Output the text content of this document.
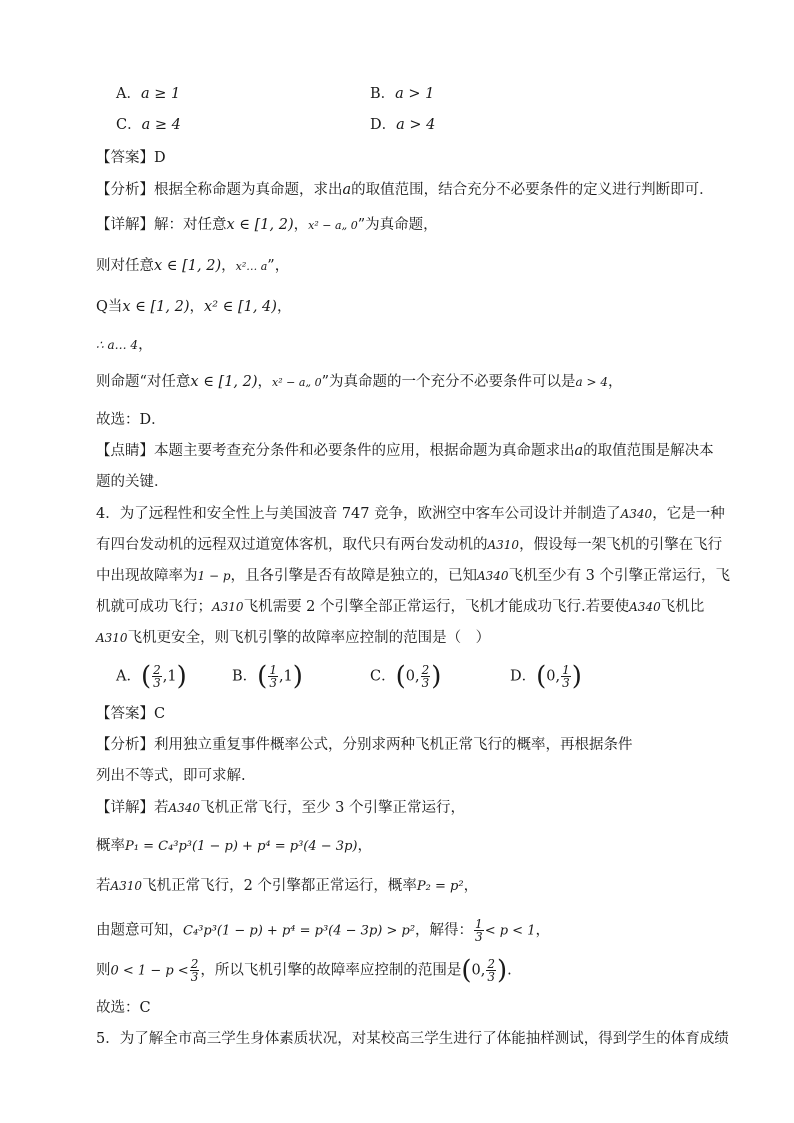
A．a ≥ 1	B．a > 1
C．a ≥ 4	D．a > 4
【答案】D
【分析】根据全称命题为真命题，求出a的取值范围，结合充分不必要条件的定义进行判断即可．
【详解】解：对任意x ∈ [1, 2)，x² − a„ 0”为真命题，
则对任意x ∈ [1, 2)，x²… a”，
Q当x ∈ [1, 2)，x² ∈ [1, 4)，
∴ a… 4，
则命题“对任意x ∈ [1, 2)，x² − a„ 0”为真命题的一个充分不必要条件可以是a > 4，
故选：D．
【点睛】本题主要考查充分条件和必要条件的应用，根据命题为真命题求出a的取值范围是解决本
题的关键．
4．为了远程性和安全性上与美国波音 747 竞争，欧洲空中客车公司设计并制造了A340，它是一种
有四台发动机的远程双过道宽体客机，取代只有两台发动机的A310，假设每一架飞机的引擎在飞行
中出现故障率为1 − p，且各引擎是否有故障是独立的，已知A340飞机至少有 3 个引擎正常运行，飞
机就可成功飞行；A310飞机需要 2 个引擎全部正常运行，飞机才能成功飞行.若要使A340飞机比
A310飞机更安全，则飞机引擎的故障率应控制的范围是（　）
A．( $\frac{2}{3} ,1$)	B．( $\frac{1}{3} ,1$)	C．(0, $\frac{2}{3}$ )	D．(0, $\frac{1}{3}$ )
【答案】C
【分析】利用独立重复事件概率公式，分别求两种飞机正常飞行的概率，再根据条件
列出不等式，即可求解.
【详解】若A340飞机正常飞行，至少 3 个引擎正常运行，
概率P₁ = C₄³p³(1 − p) + p⁴ = p³(4 − 3p)，
若A310飞机正常飞行，2 个引擎都正常运行，概率P₂ = p²，
由题意可知，C₄³p³(1 − p) + p⁴ = p³(4 − 3p) > p²，解得： $\frac{1}{3} < p < 1$，
则$0 < 1 - p < \frac{2}{3}$ ，所以飞机引擎的故障率应控制的范围是(0, $\frac{2}{3}$ ).
故选：C
5．为了解全市高三学生身体素质状况，对某校高三学生进行了体能抽样测试，得到学生的体育成绩
